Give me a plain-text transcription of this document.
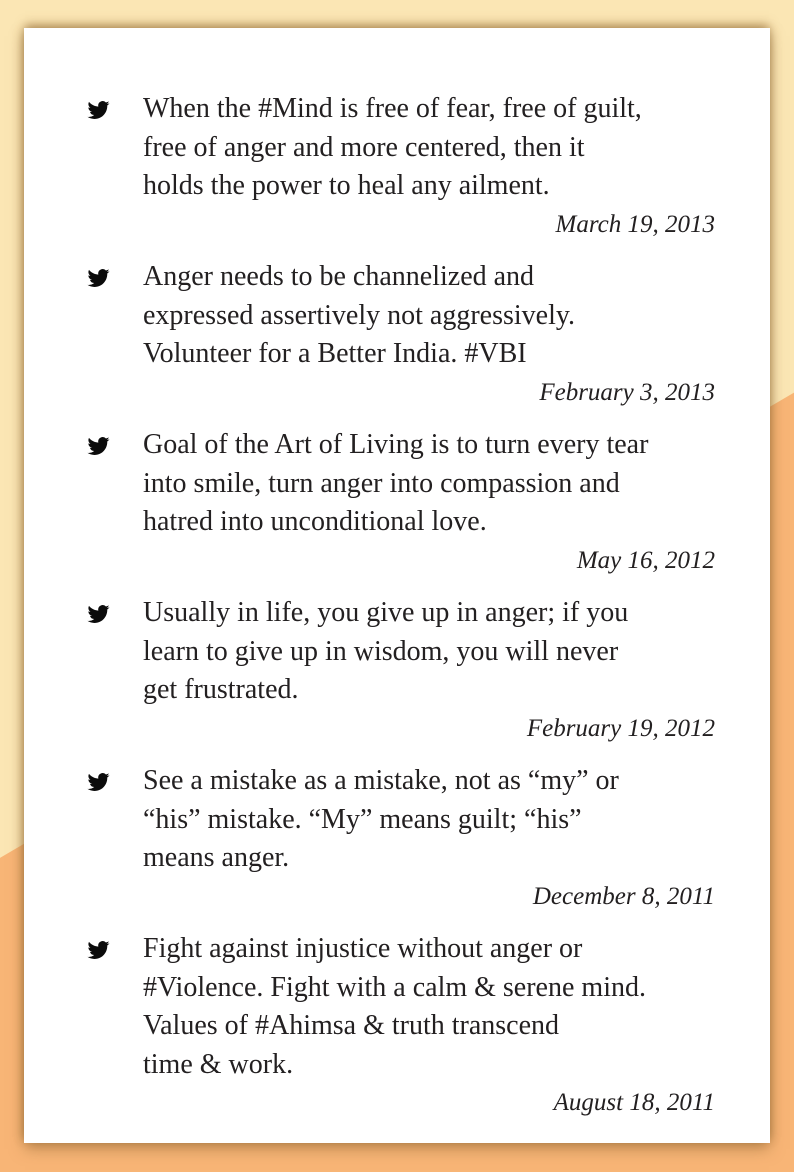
When the #Mind is free of fear, free of guilt,
free of anger and more centered, then it
holds the power to heal any ailment.
March 19, 2013
Anger needs to be channelized and
expressed assertively not aggressively.
Volunteer for a Better India. #VBI
February 3, 2013
Goal of the Art of Living is to turn every tear
into smile, turn anger into compassion and
hatred into unconditional love.
May 16, 2012
Usually in life, you give up in anger; if you
learn to give up in wisdom, you will never
get frustrated.
February 19, 2012
See a mistake as a mistake, not as “my” or
“his” mistake. “My” means guilt; “his”
means anger.
December 8, 2011
Fight against injustice without anger or
#Violence. Fight with a calm & serene mind.
Values of #Ahimsa & truth transcend
time & work.
August 18, 2011
